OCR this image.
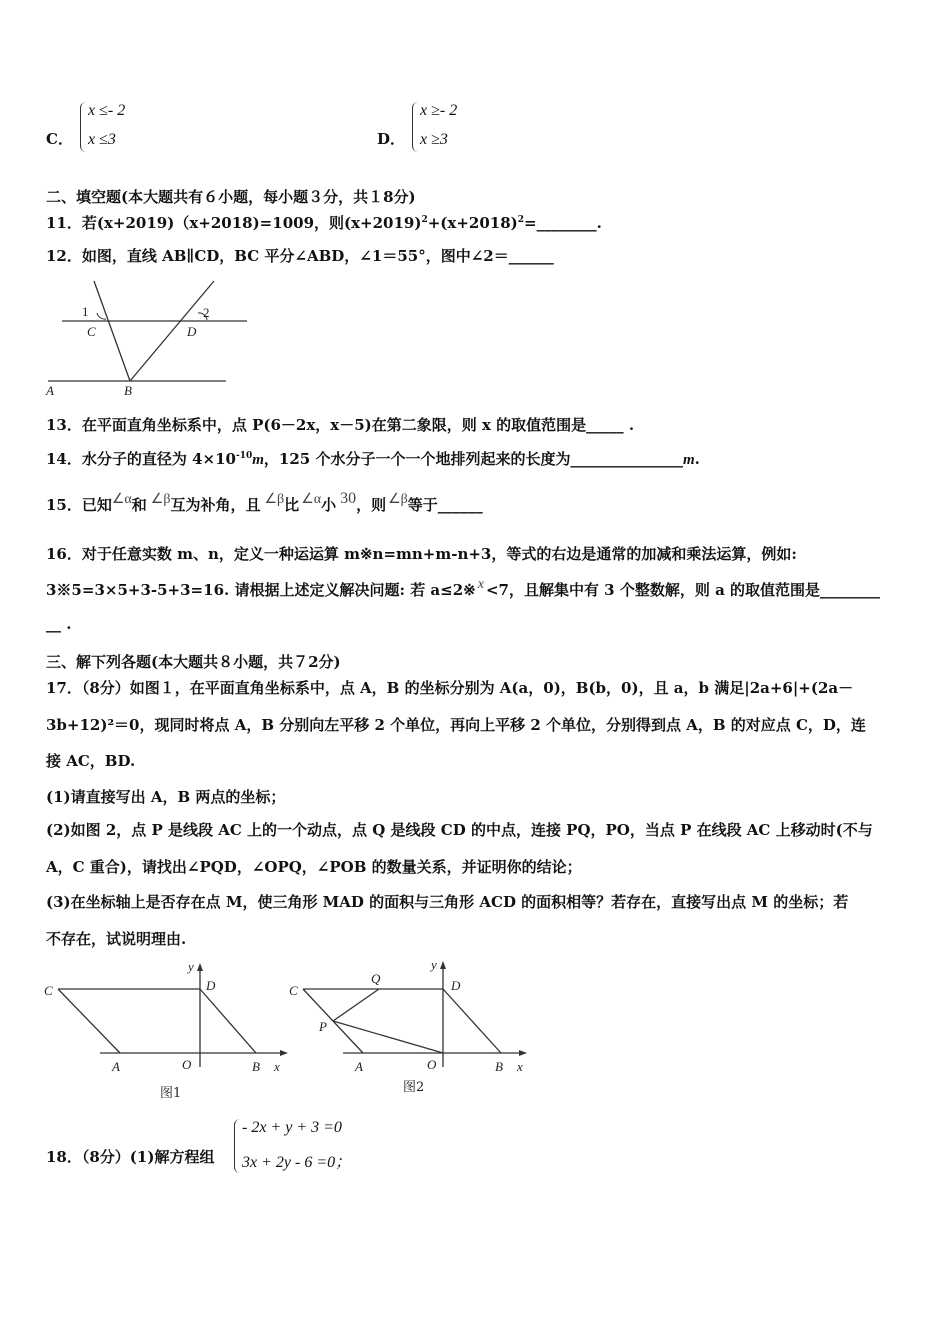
C．
x ≤- 2
x ≤3	D．
x ≥- 2
x ≥3
二、填空题(本大题共有６小题，每小题３分，共１8分)
11．若(x+2019)（x+2018)=1009，则$(x+2019)^2+(x+2018)^2=\_\_\_\_\_\_\_\_$.
12．如图，直线 AB∥CD，BC 平分∠ABD，∠1＝55°，图中∠2＝______
1	2
C	D
A	B
13．在平面直角坐标系中，点 P(6－2x，x－5)在第二象限，则 x 的取值范围是_____ .
14．水分子的直径为 $4\times 10^{-10}m$，125 个水分子一个一个地排列起来的长度为_______________m.
15．已知∠α和 ∠β互为补角，且 ∠β比 ∠α小 30，则 ∠β等于______
16．对于任意实数 m、n，定义一种运运算 m※n=mn+m-n+3，等式的右边是通常的加减和乘法运算，例如:
3※5=3×5+3-5+3=16. 请根据上述定义解决问题: 若 a≤2※ x <7，且解集中有 3 个整数解，则 a 的取值范围是________
__ .
三、解下列各题(本大题共８小题，共７2分)
17．（8分）如图１，在平面直角坐标系中，点 A，B 的坐标分别为 A(a，0)，B(b，0)，且 a，b 满足|2a+6|+(2a－
3b+12)²＝0，现同时将点 A，B 分别向左平移 2 个单位，再向上平移 2 个单位，分别得到点 A，B 的对应点 C，D，连
接 AC，BD.
(1)请直接写出 A，B 两点的坐标；
(2)如图 2，点 P 是线段 AC 上的一个动点，点 Q 是线段 CD 的中点，连接 PQ，PO，当点 P 在线段 AC 上移动时(不与
A，C 重合)，请找出∠PQD，∠OPQ，∠POB 的数量关系，并证明你的结论；
(3)在坐标轴上是否存在点 M，使三角形 MAD 的面积与三角形 ACD 的面积相等？若存在，直接写出点 M 的坐标；若
不存在，试说明理由.
C	D
A	O	B x
y
图1
C	D
Q
P
A	O	B x
y
图2
18．（8分）(1)解方程组
- 2x + y + 3 =0
3x + 2y - 6 =0；
